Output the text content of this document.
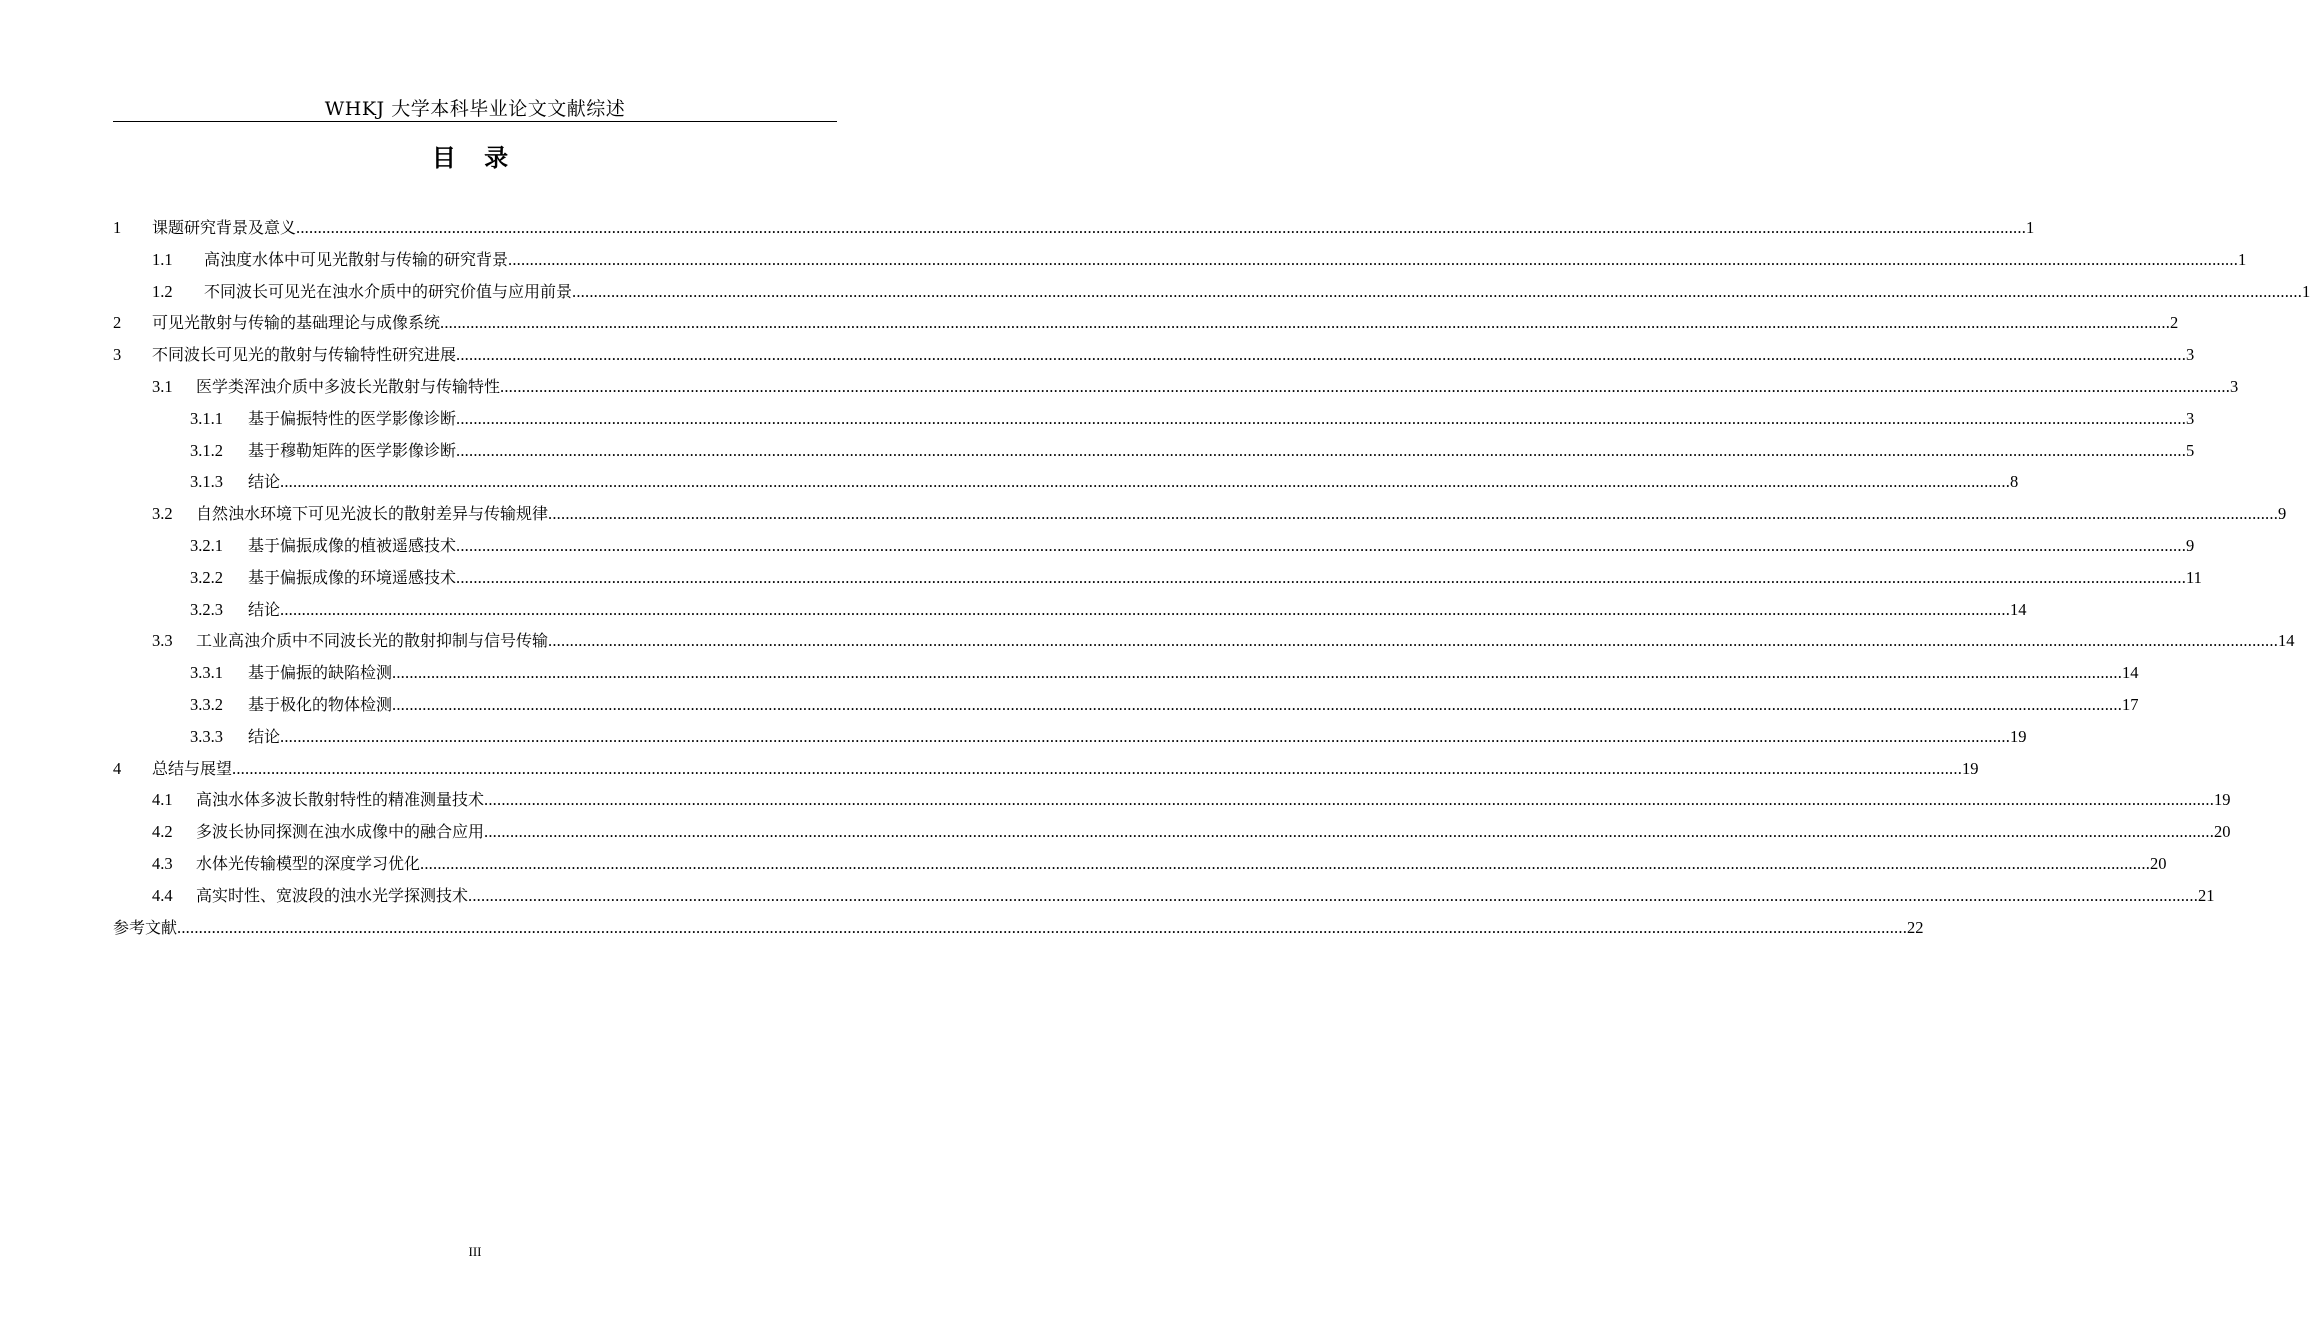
WHKJ 大学本科毕业论文文献综述
目 录
1	课题研究背景及意义 ................................................................................................................................................................................................................................................................................................................................................................................................................ 1
1.1	高浊度水体中可见光散射与传输的研究背景 ................................................................................................................................................................................................................................................................................................................................................................................................................ 1
1.2	不同波长可见光在浊水介质中的研究价值与应用前景 ................................................................................................................................................................................................................................................................................................................................................................................................................ 1
2	可见光散射与传输的基础理论与成像系统 ................................................................................................................................................................................................................................................................................................................................................................................................................ 2
3	不同波长可见光的散射与传输特性研究进展 ................................................................................................................................................................................................................................................................................................................................................................................................................ 3
3.1	医学类浑浊介质中多波长光散射与传输特性 ................................................................................................................................................................................................................................................................................................................................................................................................................ 3
3.1.1	基于偏振特性的医学影像诊断 ................................................................................................................................................................................................................................................................................................................................................................................................................ 3
3.1.2	基于穆勒矩阵的医学影像诊断 ................................................................................................................................................................................................................................................................................................................................................................................................................ 5
3.1.3	结论 ................................................................................................................................................................................................................................................................................................................................................................................................................ 8
3.2	自然浊水环境下可见光波长的散射差异与传输规律 ................................................................................................................................................................................................................................................................................................................................................................................................................ 9
3.2.1	基于偏振成像的植被遥感技术 ................................................................................................................................................................................................................................................................................................................................................................................................................ 9
3.2.2	基于偏振成像的环境遥感技术 ................................................................................................................................................................................................................................................................................................................................................................................................................ 11
3.2.3	结论 ................................................................................................................................................................................................................................................................................................................................................................................................................ 14
3.3	工业高浊介质中不同波长光的散射抑制与信号传输 ................................................................................................................................................................................................................................................................................................................................................................................................................ 14
3.3.1	基于偏振的缺陷检测 ................................................................................................................................................................................................................................................................................................................................................................................................................ 14
3.3.2	基于极化的物体检测 ................................................................................................................................................................................................................................................................................................................................................................................................................ 17
3.3.3	结论 ................................................................................................................................................................................................................................................................................................................................................................................................................ 19
4	总结与展望 ................................................................................................................................................................................................................................................................................................................................................................................................................ 19
4.1	高浊水体多波长散射特性的精准测量技术 ................................................................................................................................................................................................................................................................................................................................................................................................................ 19
4.2	多波长协同探测在浊水成像中的融合应用 ................................................................................................................................................................................................................................................................................................................................................................................................................ 20
4.3	水体光传输模型的深度学习优化 ................................................................................................................................................................................................................................................................................................................................................................................................................ 20
4.4	高实时性、宽波段的浊水光学探测技术 ................................................................................................................................................................................................................................................................................................................................................................................................................ 21
参考文献 ................................................................................................................................................................................................................................................................................................................................................................................................................ 22
III
